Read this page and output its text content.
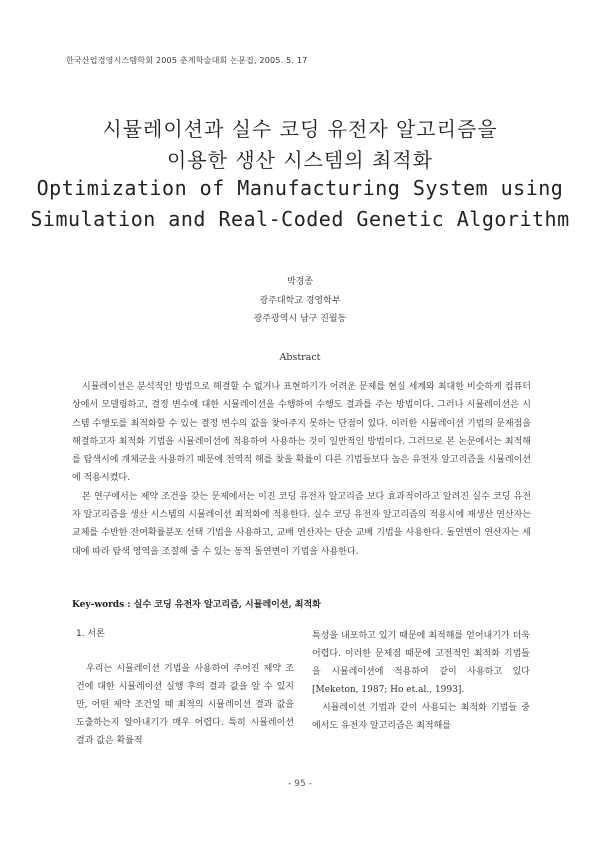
한국산업경영시스템학회 2005 춘계학술대회 논문집, 2005. 5. 17
시뮬레이션과 실수 코딩 유전자 알고리즘을
이용한 생산 시스템의 최적화
Optimization of Manufacturing System using
Simulation and Real-Coded Genetic Algorithm
박경종
광주대학교 경영학부
광주광역시 남구 진월동
Abstract

시뮬레이션은 분석적인 방법으로 해결할 수 없거나 표현하기가 어려운 문제를 현실 세계와 최대한 비슷하게 컴퓨터상에서 모델링하고, 결정 변수에 대한 시뮬레이션을 수행하여 수행도 결과를 주는 방법이다. 그러나 시뮬레이션은 시스템 수행도를 최적화할 수 있는 결정 변수의 값을 찾아주지 못하는 단점이 있다. 이러한 시뮬레이션 기법의 문제점을 해결하고자 최적화 기법을 시뮬레이션에 적용하여 사용하는 것이 일반적인 방법이다. 그러므로 본 논문에서는 최적해를 탐색시에 개체군을 사용하기 때문에 전역적 해를 찾을 확률이 다른 기법들보다 높은 유전자 알고리즘을 시뮬레이션에 적용시켰다.

본 연구에서는 제약 조건을 갖는 문제에서는 이진 코딩 유전자 알고리즘 보다 효과적이라고 알려진 실수 코딩 유전자 알고리즘을 생산 시스템의 시뮬레이션 최적화에 적용한다. 실수 코딩 유전자 알고리즘의 적용시에 재생산 연산자는 교체를 수반한 잔여확률분포 선택 기법을 사용하고, 교배 연산자는 단순 교배 기법을 사용한다. 돌연변이 연산자는 세대에 따라 탐색 영역을 조절해 줄 수 있는 동적 돌연변이 기법을 사용한다.

Key-words : 실수 코딩 유전자 알고리즘, 시뮬레이션, 최적화

1. 서론

우리는 시뮬레이션 기법을 사용하여 주어진 제약 조건에 대한 시뮬레이션 실행 후의 결과 값을 알 수 있지만, 어떤 제약 조건일 때 최적의 시뮬레이션 결과 값을 도출하는지 알아내기가 매우 어렵다. 특히 시뮬레이션 결과 값은 확률적

특성을 내포하고 있기 때문에 최적해를 얻어내기가 더욱 어렵다. 이러한 문제점 때문에 고전적인 최적화 기법들을 시뮬레이션에 적용하여 같이 사용하고 있다[Meketon, 1987; Ho et.al., 1993].

시뮬레이션 기법과 같이 사용되는 최적화 기법들 중에서도 유전자 알고리즘은 최적해를

- 95 -
